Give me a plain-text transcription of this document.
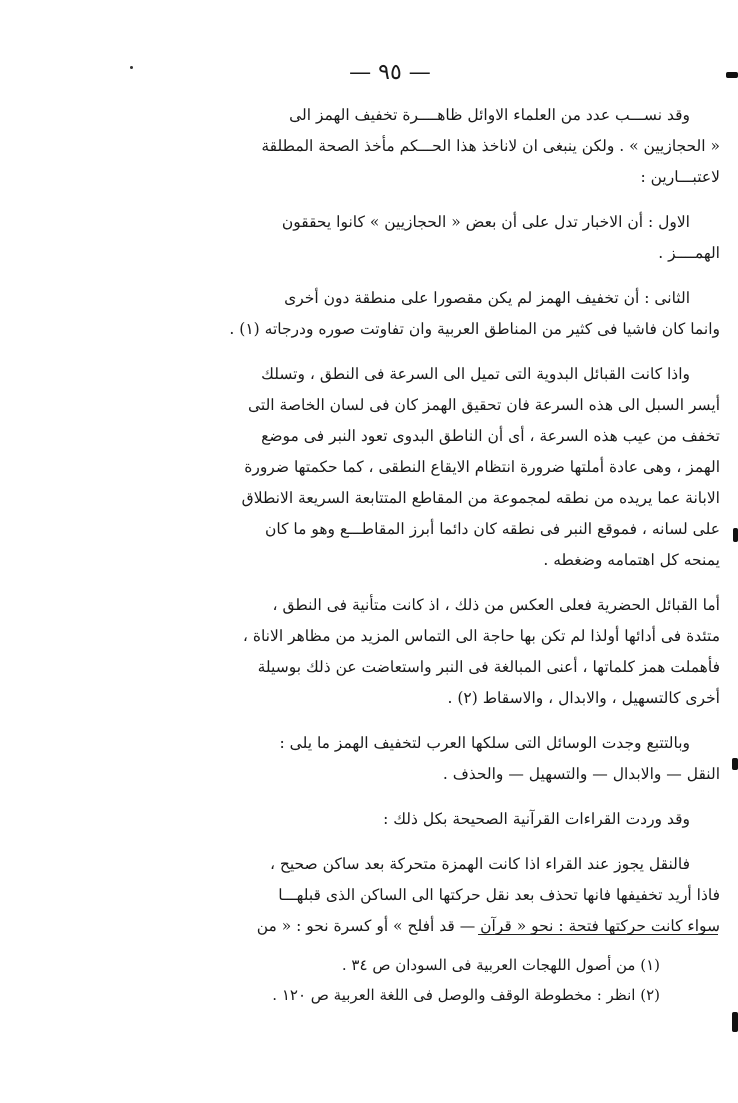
— ٩٥ —
وقد نســـب عدد من العلماء الاوائل ظاهــــرة تخفيف الهمز الى
« الحجازيين » . ولكن ينبغى ان لاناخذ هذا الحـــكم مأخذ الصحة المطلقة
لاعتبـــارين :
الاول : أن الاخبار تدل على أن بعض « الحجازيين » كانوا يحققون
الهمــــز .
الثانى : أن تخفيف الهمز لم يكن مقصورا على منطقة دون أخرى
وانما كان فاشيا فى كثير من المناطق العربية وان تفاوتت صوره ودرجاته (١) .
واذا كانت القبائل البدوية التى تميل الى السرعة فى النطق ، وتسلك
أيسر السبل الى هذه السرعة فان تحقيق الهمز كان فى لسان الخاصة التى
تخفف من عيب هذه السرعة ، أى أن الناطق البدوى تعود النبر فى موضع
الهمز ، وهى عادة أملتها ضرورة انتظام الايقاع النطقى ، كما حكمتها ضرورة
الابانة عما يريده من نطقه لمجموعة من المقاطع المتتابعة السريعة الانطلاق
على لسانه ، فموقع النبر فى نطقه كان دائما أبرز المقاطـــع وهو ما كان
يمنحه كل اهتمامه وضغطه .
أما القبائل الحضرية فعلى العكس من ذلك ، اذ كانت متأنية فى النطق ،
متئدة فى أدائها أولذا لم تكن بها حاجة الى التماس المزيد من مظاهر الاناة ،
فأهملت همز كلماتها ، أعنى المبالغة فى النبر واستعاضت عن ذلك بوسيلة
أخرى كالتسهيل ، والابدال ، والاسقاط (٢) .
وبالتتبع وجدت الوسائل التى سلكها العرب لتخفيف الهمز ما يلى :
النقل — والابدال — والتسهيل — والحذف .
وقد وردت القراءات القرآنية الصحيحة بكل ذلك :
فالنقل يجوز عند القراء اذا كانت الهمزة متحركة بعد ساكن صحيح ،
فاذا أريد تخفيفها فانها تحذف بعد نقل حركتها الى الساكن الذى قبلهـــا
سواء كانت حركتها فتحة : نحو « قرآن — قد أفلح » أو كسرة نحو : « من
(١) من أصول اللهجات العربية فى السودان ص ٣٤ .
(٢) انظر : مخطوطة الوقف والوصل فى اللغة العربية ص ١٢٠ .
